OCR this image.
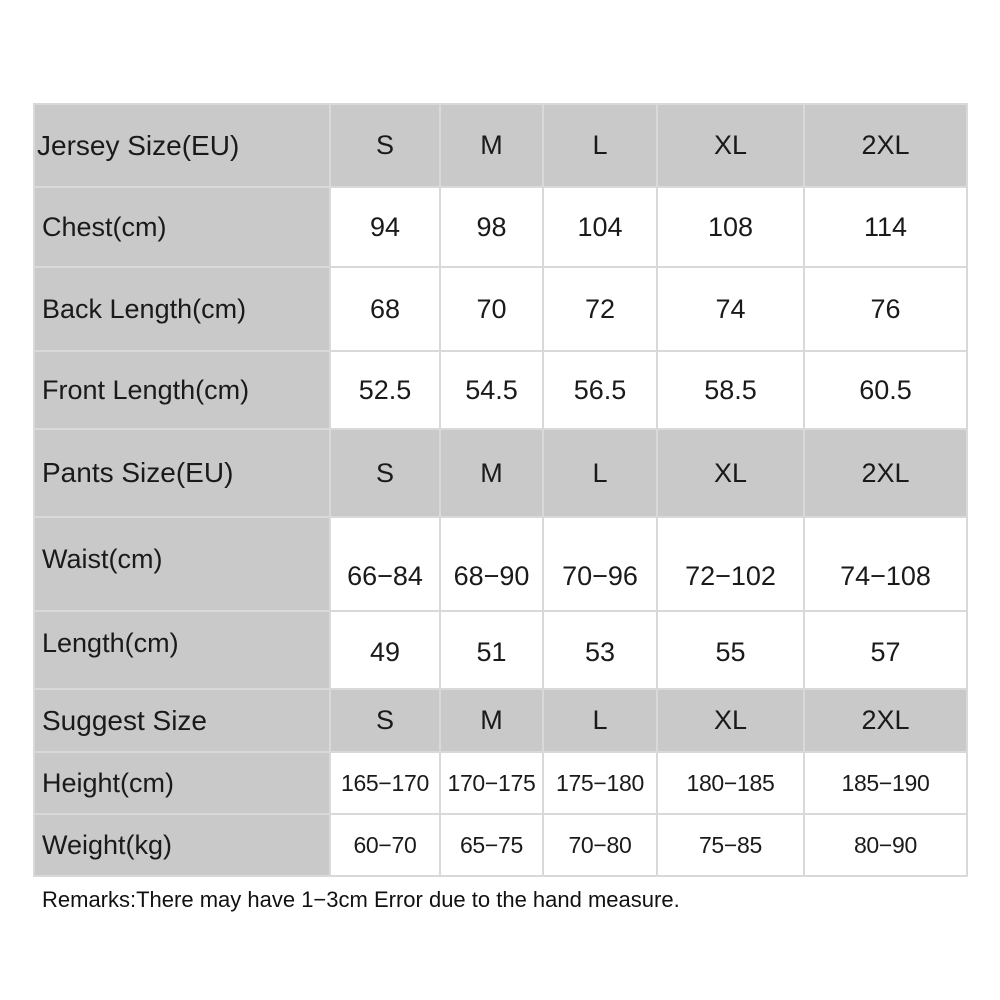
Jersey Size(EU)	S	M	L	XL	2XL
Chest(cm)	94	98	104	108	114
Back Length(cm)	68	70	72	74	76
Front Length(cm)	52.5	54.5	56.5	58.5	60.5
Pants Size(EU)	S	M	L	XL	2XL
Waist(cm)	66−84	68−90	70−96	72−102	74−108
Length(cm)	49	51	53	55	57
Suggest Size	S	M	L	XL	2XL
Height(cm)	165−170	170−175	175−180	180−185	185−190
Weight(kg)	60−70	65−75	70−80	75−85	80−90
Remarks:There may have 1−3cm Error due to the hand measure.
